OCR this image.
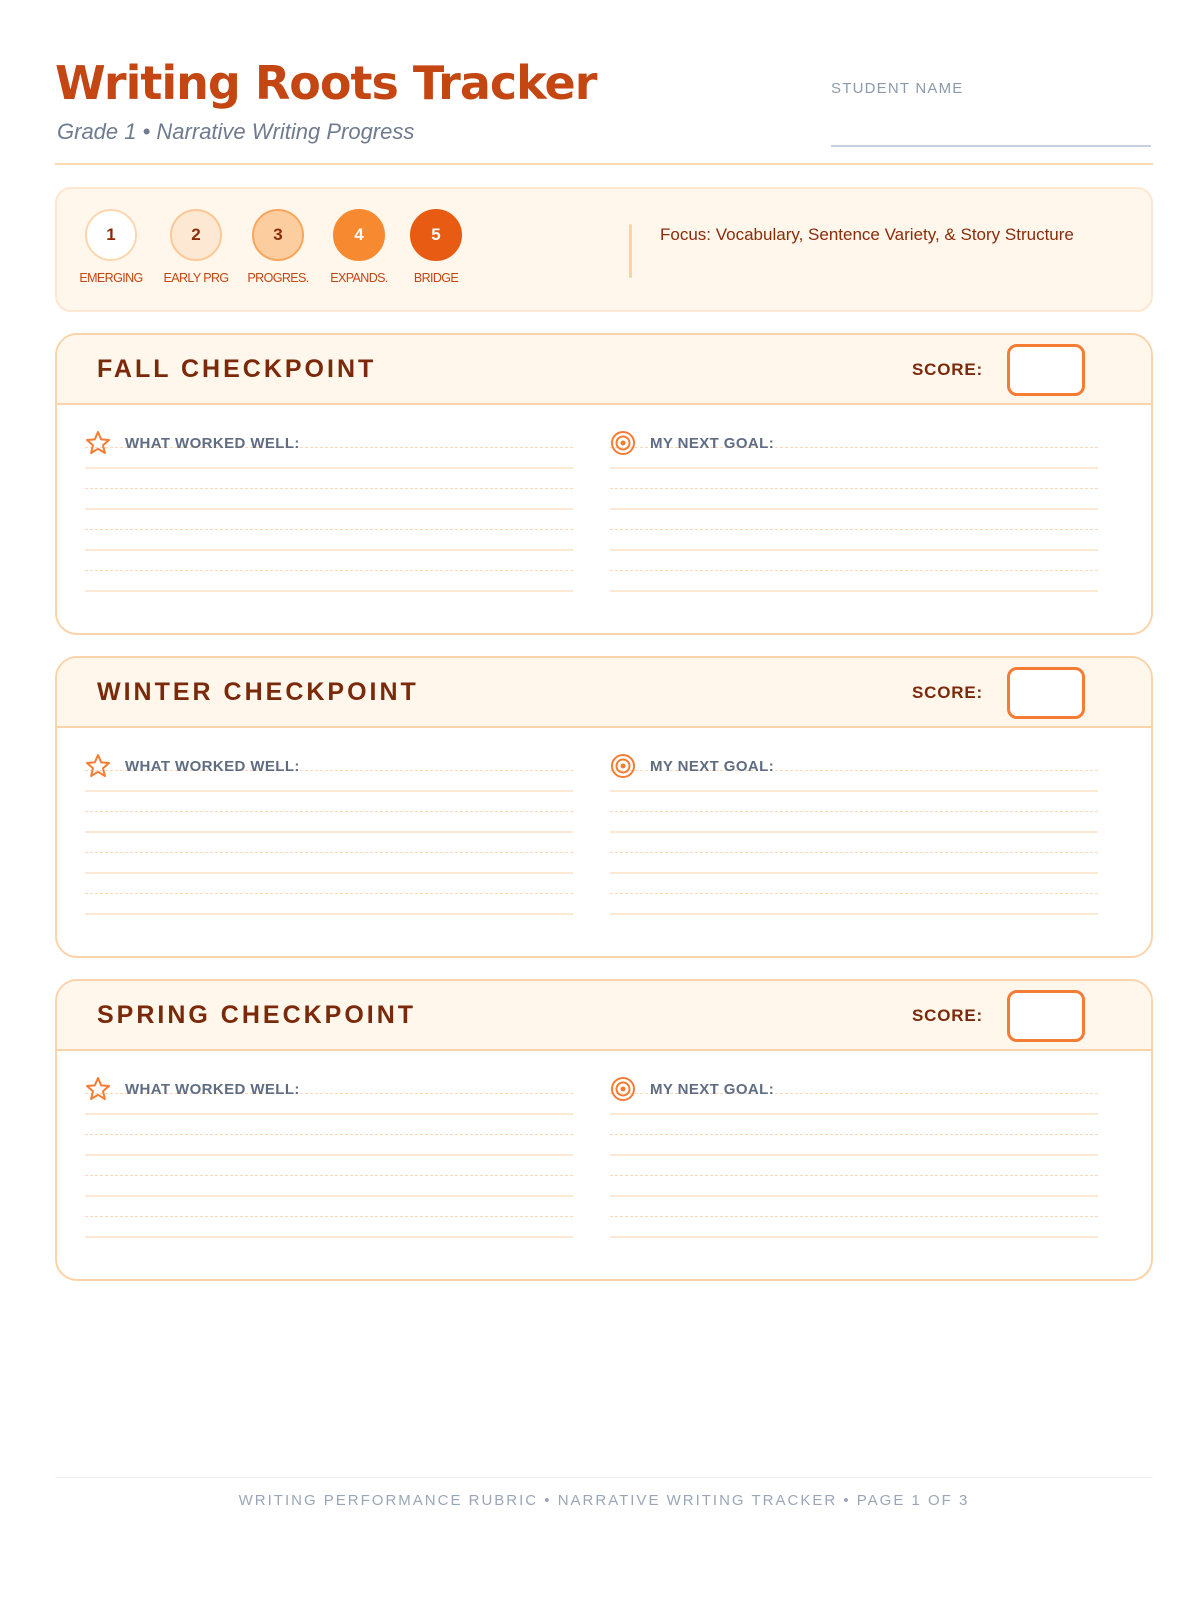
Writing Roots Tracker
Grade 1 • Narrative Writing Progress
STUDENT NAME
1
EMERGING
2
EARLY PRG
3
PROGRES.
4
EXPANDS.
5
BRIDGE
Focus: Vocabulary, Sentence Variety, & Story Structure
FALL CHECKPOINT	SCORE:
WHAT WORKED WELL:	MY NEXT GOAL:
WINTER CHECKPOINT	SCORE:
WHAT WORKED WELL:	MY NEXT GOAL:
SPRING CHECKPOINT	SCORE:
WHAT WORKED WELL:	MY NEXT GOAL:
WRITING PERFORMANCE RUBRIC • NARRATIVE WRITING TRACKER • PAGE 1 OF 3
